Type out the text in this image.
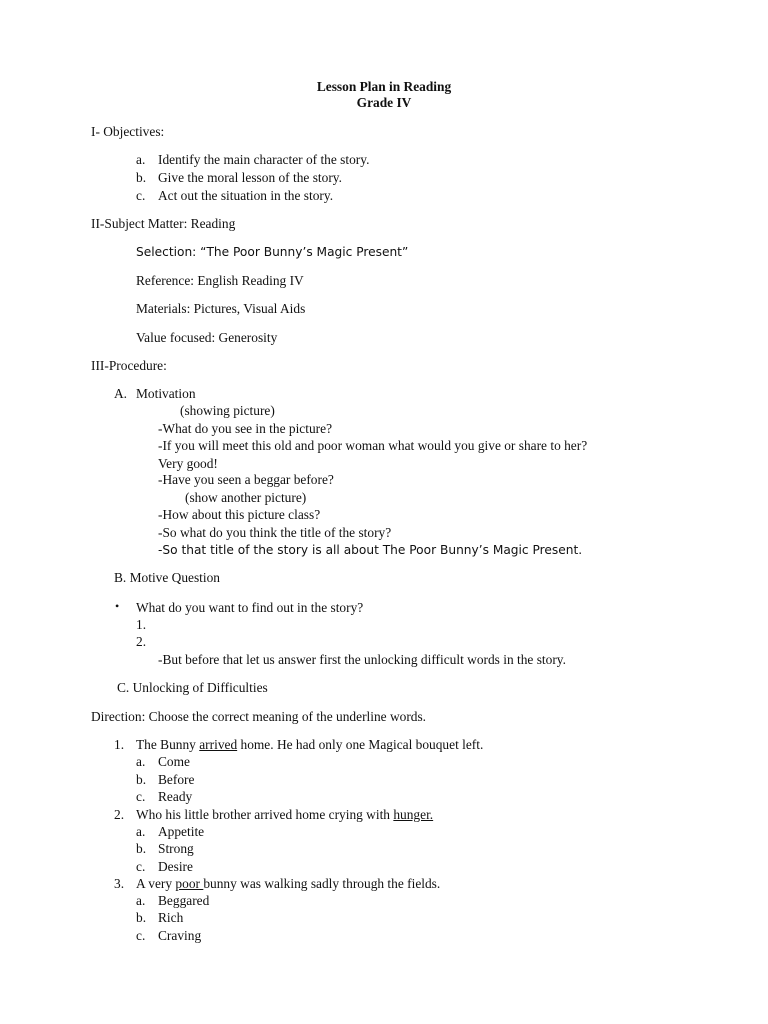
Lesson Plan in Reading
Grade IV
I- Objectives:
a. Identify the main character of the story.
b. Give the moral lesson of the story.
c. Act out the situation in the story.
II-Subject Matter: Reading
Selection: “The Poor Bunny’s Magic Present”
Reference: English Reading IV
Materials: Pictures, Visual Aids
Value focused: Generosity
III-Procedure:
A. Motivation
(showing picture)
-What do you see in the picture?
-If you will meet this old and poor woman what would you give or share to her?
Very good!
-Have you seen a beggar before?
(show another picture)
-How about this picture class?
-So what do you think the title of the story?
-So that title of the story is all about The Poor Bunny’s Magic Present.
B. Motive Question
• What do you want to find out in the story?
1.
2.
-But before that let us answer first the unlocking difficult words in the story.
C. Unlocking of Difficulties
Direction: Choose the correct meaning of the underline words.
1. The Bunny arrived home. He had only one Magical bouquet left.
a. Come
b. Before
c. Ready
2. Who his little brother arrived home crying with hunger.
a. Appetite
b. Strong
c. Desire
3. A very poor bunny was walking sadly through the fields.
a. Beggared
b. Rich
c. Craving
